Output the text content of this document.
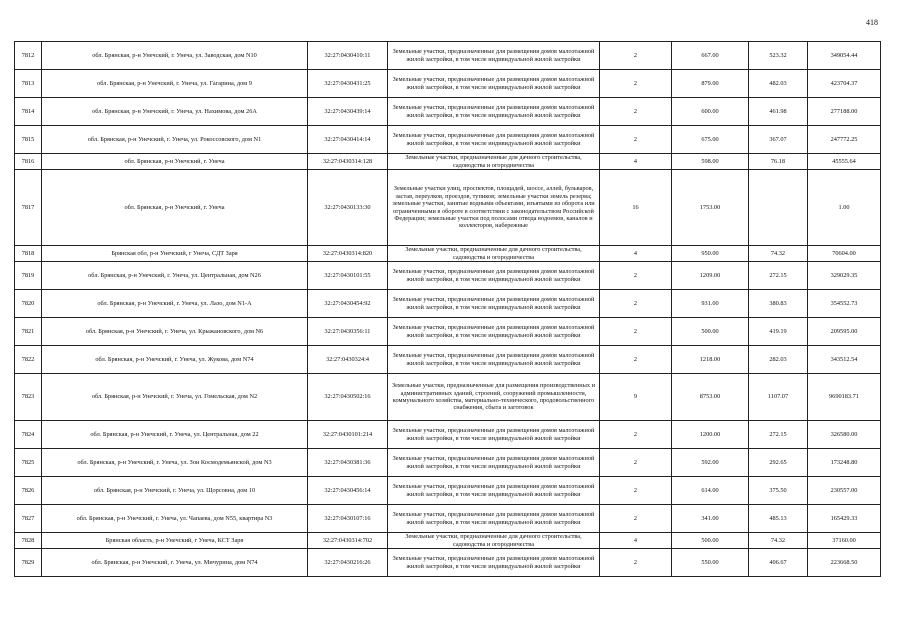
418
7812	обл. Брянская, р-н Унечский, г. Унеча, ул. Заводская, дом N10	32:27:0430410:11	Земельные участки, предназначенные для размещения домов малоэтажной жилой застройки, в том числе индивидуальной жилой застройки	2	667.00	523.32	349054.44
7813	обл. Брянская, р-н Унечский, г. Унеча, ул. Гагарина, дом 9	32:27:0430431:25	Земельные участки, предназначенные для размещения домов малоэтажной жилой застройки, в том числе индивидуальной жилой застройки	2	879.00	482.03	423704.37
7814	обл. Брянская, р-н Унечский, г. Унеча, ул. Нахимова, дом 26А	32:27:0430439:14	Земельные участки, предназначенные для размещения домов малоэтажной жилой застройки, в том числе индивидуальной жилой застройки	2	600.00	461.98	277188.00
7815	обл. Брянская, р-н Унечский, г. Унеча, ул. Рокоссовского, дом N1	32:27:0430414:14	Земельные участки, предназначенные для размещения домов малоэтажной жилой застройки, в том числе индивидуальной жилой застройки	2	675.00	367.07	247772.25
7816	обл. Брянская, р-н Унечский, г. Унеча	32:27:0430314:128	Земельные участки, предназначенные для дачного строительства, садоводства и огородничества	4	598.00	76.18	45555.64
7817	обл. Брянская, р-н Унечский, г. Унеча	32:27:0430133:30	Земельные участки улиц, проспектов, площадей, шоссе, аллей, бульваров, застав, переулков, проездов, тупиков; земельные участки земель резерва; земельные участки, занятые водными объектами, изъятыми из оборота или ограниченными в обороте в соответствии с законодательством Российской Федерации; земельные участки под полосами отвода водоемов, каналов и коллекторов, набережные	16	1753.00		1.00
7818	Брянская обл, р-н Унечский, г Унеча, СДТ Заря	32:27:0430314:820	Земельные участки, предназначенные для дачного строительства, садоводства и огородничества	4	950.00	74.32	70604.00
7819	обл. Брянская, р-н Унечский, г. Унеча, ул. Центральная, дом N26	32:27:0430101:55	Земельные участки, предназначенные для размещения домов малоэтажной жилой застройки, в том числе индивидуальной жилой застройки	2	1209.00	272.15	329029.35
7820	обл. Брянская, р-н Унечский, г. Унеча, ул. Лазо, дом N1-А	32:27:0430454:92	Земельные участки, предназначенные для размещения домов малоэтажной жилой застройки, в том числе индивидуальной жилой застройки	2	931.00	380.83	354552.73
7821	обл. Брянская, р-н Унечский, г. Унеча, ул. Крыжановского, дом N6	32:27:0430356:11	Земельные участки, предназначенные для размещения домов малоэтажной жилой застройки, в том числе индивидуальной жилой застройки	2	500.00	419.19	209595.00
7822	обл. Брянская, р-н Унечский, г. Унеча, ул. Жукова, дом N74	32:27:0430324:4	Земельные участки, предназначенные для размещения домов малоэтажной жилой застройки, в том числе индивидуальной жилой застройки	2	1218.00	282.03	343512.54
7823	обл. Брянская, р-н Унечский, г. Унеча, ул. Гомельская, дом N2	32:27:0430502:16	Земельные участки, предназначенные для размещения производственных и административных зданий, строений, сооружений промышленности, коммунального хозяйства, материально-технического, продовольственного снабжения, сбыта и заготовок	9	8753.00	1107.07	9690183.71
7824	обл. Брянская, р-н Унечский, г. Унеча, ул. Центральная, дом 22	32:27:0430101:214	Земельные участки, предназначенные для размещения домов малоэтажной жилой застройки, в том числе индивидуальной жилой застройки	2	1200.00	272.15	326580.00
7825	обл. Брянская, р-н Унечский, г. Унеча, ул. Зои Космодемьянской, дом N3	32:27:0430381:36	Земельные участки, предназначенные для размещения домов малоэтажной жилой застройки, в том числе индивидуальной жилой застройки	2	592.00	292.65	173248.80
7826	обл. Брянская, р-н Унечский, г. Унеча, ул. Щорсовна, дом 10	32:27:0430456:14	Земельные участки, предназначенные для размещения домов малоэтажной жилой застройки, в том числе индивидуальной жилой застройки	2	614.00	375.50	230557.00
7827	обл. Брянская, р-н Унечский, г. Унеча, ул. Чапаева, дом N55, квартира N3	32:27:0430107:16	Земельные участки, предназначенные для размещения домов малоэтажной жилой застройки, в том числе индивидуальной жилой застройки	2	341.00	485.13	165429.33
7828	Брянская область, р-н Унечский, г Унеча, КСТ Заря	32:27:0430314:702	Земельные участки, предназначенные для дачного строительства, садоводства и огородничества	4	500.00	74.32	37160.00
7829	обл. Брянская, р-н Унечский, г. Унеча, ул. Мичурина, дом N74	32:27:0430216:26	Земельные участки, предназначенные для размещения домов малоэтажной жилой застройки, в том числе индивидуальной жилой застройки	2	550.00	406.67	223668.50
